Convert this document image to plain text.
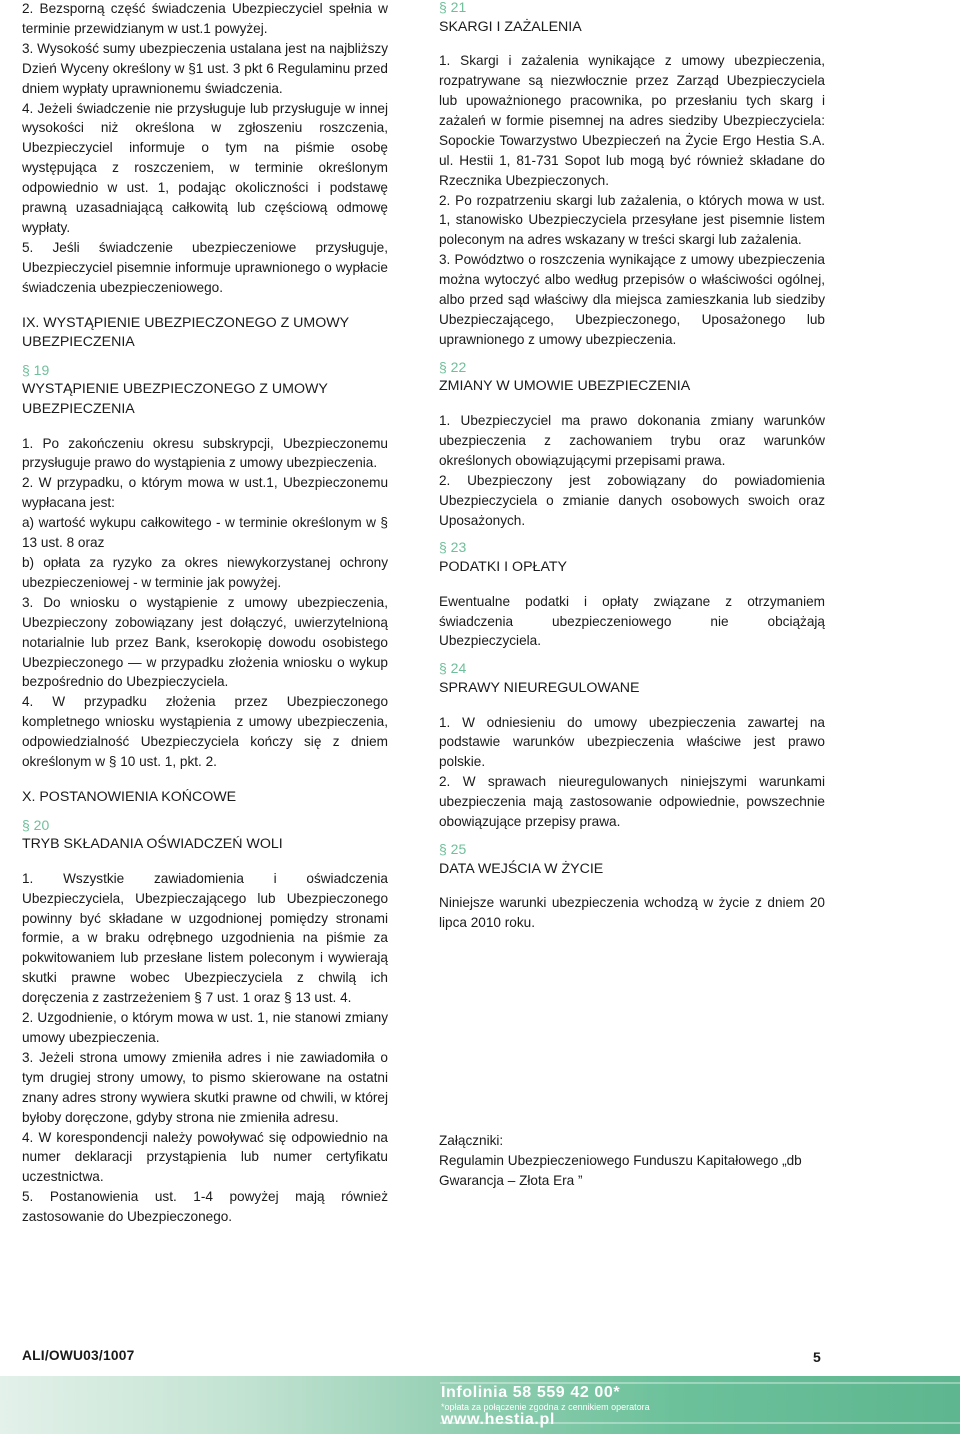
2. Bezsporną część świadczenia Ubezpieczyciel spełnia w terminie przewidzianym w ust.1 powyżej.

3. Wysokość sumy ubezpieczenia ustalana jest na najbliższy Dzień Wyceny określony w §1 ust. 3 pkt 6 Regulaminu przed dniem wypłaty uprawnionemu świadczenia.

4. Jeżeli świadczenie nie przysługuje lub przysługuje w innej wysokości niż określona w zgłoszeniu roszczenia, Ubezpieczyciel informuje o tym na piśmie osobę występująca z roszczeniem, w terminie określonym odpowiednio w ust. 1, podając okoliczności i podstawę prawną uzasadniającą całkowitą lub częściową odmowę wypłaty.

5. Jeśli świadczenie ubezpieczeniowe przysługuje, Ubezpieczyciel pisemnie informuje uprawnionego o wypłacie świadczenia ubezpieczeniowego.

IX. WYSTĄPIENIE UBEZPIECZONEGO Z UMOWY UBEZPIECZENIA

§ 19

WYSTĄPIENIE UBEZPIECZONEGO Z UMOWY UBEZPIECZENIA

1. Po zakończeniu okresu subskrypcji, Ubezpieczonemu przysługuje prawo do wystąpienia z umowy ubezpieczenia.

2. W przypadku, o którym mowa w ust.1, Ubezpieczonemu wypłacana jest:

a) wartość wykupu całkowitego - w terminie określonym w § 13 ust. 8 oraz

b) opłata za ryzyko za okres niewykorzystanej ochrony ubezpieczeniowej - w terminie jak powyżej.

3. Do wniosku o wystąpienie z umowy ubezpieczenia, Ubezpieczony zobowiązany jest dołączyć, uwierzytelnioną notarialnie lub przez Bank, kserokopię dowodu osobistego Ubezpieczonego — w przypadku złożenia wniosku o wykup bezpośrednio do Ubezpieczyciela.

4. W przypadku złożenia przez Ubezpieczonego kompletnego wniosku wystąpienia z umowy ubezpieczenia, odpowiedzialność Ubezpieczyciela kończy się z dniem określonym w § 10 ust. 1, pkt. 2.

X. POSTANOWIENIA KOŃCOWE

§ 20

TRYB SKŁADANIA OŚWIADCZEŃ WOLI

1. Wszystkie zawiadomienia i oświadczenia Ubezpieczyciela, Ubezpieczającego lub Ubezpieczonego powinny być składane w uzgodnionej pomiędzy stronami formie, a w braku odrębnego uzgodnienia na piśmie za pokwitowaniem lub przesłane listem poleconym i wywierają skutki prawne wobec Ubezpieczyciela z chwilą ich doręczenia z zastrzeżeniem § 7 ust. 1 oraz § 13 ust. 4.

2. Uzgodnienie, o którym mowa w ust. 1, nie stanowi zmiany umowy ubezpieczenia.

3. Jeżeli strona umowy zmieniła adres i nie zawiadomiła o tym drugiej strony umowy, to pismo skierowane na ostatni znany adres strony wywiera skutki prawne od chwili, w której byłoby doręczone, gdyby strona nie zmieniła adresu.

4. W korespondencji należy powoływać się odpowiednio na numer deklaracji przystąpienia lub numer certyfikatu uczestnictwa.

5. Postanowienia ust. 1-4 powyżej mają również zastosowanie do Ubezpieczonego.

§ 21

SKARGI I ZAŻALENIA

1. Skargi i zażalenia wynikające z umowy ubezpieczenia, rozpatrywane są niezwłocznie przez Zarząd Ubezpieczyciela lub upoważnionego pracownika, po przesłaniu tych skarg i zażaleń w formie pisemnej na adres siedziby Ubezpieczyciela: Sopockie Towarzystwo Ubezpieczeń na Życie Ergo Hestia S.A. ul. Hestii 1, 81-731 Sopot lub mogą być również składane do Rzecznika Ubezpieczonych.

2. Po rozpatrzeniu skargi lub zażalenia, o których mowa w ust. 1, stanowisko Ubezpieczyciela przesyłane jest pisemnie listem poleconym na adres wskazany w treści skargi lub zażalenia.

3. Powództwo o roszczenia wynikające z umowy ubezpieczenia można wytoczyć albo według przepisów o właściwości ogólnej, albo przed sąd właściwy dla miejsca zamieszkania lub siedziby Ubezpieczającego, Ubezpieczonego, Uposażonego lub uprawnionego z umowy ubezpieczenia.

§ 22

ZMIANY W UMOWIE UBEZPIECZENIA

1. Ubezpieczyciel ma prawo dokonania zmiany warunków ubezpieczenia z zachowaniem trybu oraz warunków określonych obowiązującymi przepisami prawa.

2. Ubezpieczony jest zobowiązany do powiadomienia Ubezpieczyciela o zmianie danych osobowych swoich oraz Uposażonych.

§ 23

PODATKI I OPŁATY

Ewentualne podatki i opłaty związane z otrzymaniem świadczenia ubezpieczeniowego nie obciążają Ubezpieczyciela.

§ 24

SPRAWY NIEUREGULOWANE

1. W odniesieniu do umowy ubezpieczenia zawartej na podstawie warunków ubezpieczenia właściwe jest prawo polskie.

2. W sprawach nieuregulowanych niniejszymi warunkami ubezpieczenia mają zastosowanie odpowiednie, powszechnie obowiązujące przepisy prawa.

§ 25

DATA WEJŚCIA W ŻYCIE

Niniejsze warunki ubezpieczenia wchodzą w życie z dniem 20 lipca 2010 roku.

Załączniki:

Regulamin Ubezpieczeniowego Funduszu Kapitałowego „db Gwarancja – Złota Era ”

ALI/OWU03/1007	5
Infolinia 58 559 42 00*
*opłata za połączenie zgodna z cennikiem operatora
www.hestia.pl
